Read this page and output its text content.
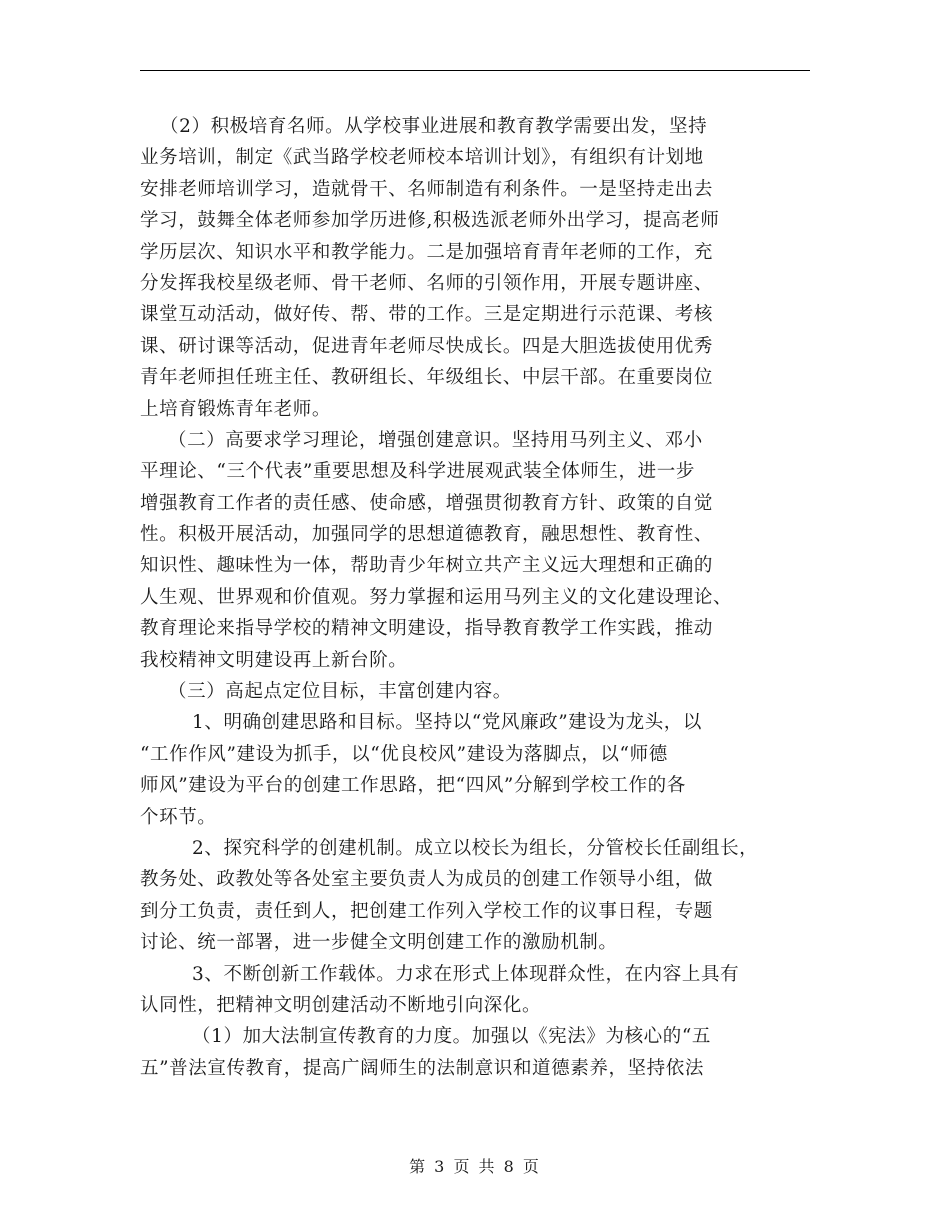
（2）积极培育名师。从学校事业进展和教育教学需要出发，坚持
业务培训，制定《武当路学校老师校本培训计划》，有组织有计划地
安排老师培训学习，造就骨干、名师制造有利条件。一是坚持走出去
学习，鼓舞全体老师参加学历进修,积极选派老师外出学习，提高老师
学历层次、知识水平和教学能力。二是加强培育青年老师的工作，充
分发挥我校星级老师、骨干老师、名师的引领作用，开展专题讲座、
课堂互动活动，做好传、帮、带的工作。三是定期进行示范课、考核
课、研讨课等活动，促进青年老师尽快成长。四是大胆选拔使用优秀
青年老师担任班主任、教研组长、年级组长、中层干部。在重要岗位
上培育锻炼青年老师。
（二）高要求学习理论，增强创建意识。坚持用马列主义、邓小
平理论、“三个代表”重要思想及科学进展观武装全体师生，进一步
增强教育工作者的责任感、使命感，增强贯彻教育方针、政策的自觉
性。积极开展活动，加强同学的思想道德教育，融思想性、教育性、
知识性、趣味性为一体，帮助青少年树立共产主义远大理想和正确的
人生观、世界观和价值观。努力掌握和运用马列主义的文化建设理论、
教育理论来指导学校的精神文明建设，指导教育教学工作实践，推动
我校精神文明建设再上新台阶。
（三）高起点定位目标，丰富创建内容。
1、明确创建思路和目标。坚持以“党风廉政”建设为龙头，以
“工作作风”建设为抓手，以“优良校风”建设为落脚点，以“师德
师风”建设为平台的创建工作思路，把“四风”分解到学校工作的各
个环节。
2、探究科学的创建机制。成立以校长为组长，分管校长任副组长，
教务处、政教处等各处室主要负责人为成员的创建工作领导小组，做
到分工负责，责任到人，把创建工作列入学校工作的议事日程，专题
讨论、统一部署，进一步健全文明创建工作的激励机制。
3、不断创新工作载体。力求在形式上体现群众性，在内容上具有
认同性，把精神文明创建活动不断地引向深化。
（1）加大法制宣传教育的力度。加强以《宪法》为核心的“五
五”普法宣传教育，提高广阔师生的法制意识和道德素养，坚持依法
第 3 页 共 8 页
